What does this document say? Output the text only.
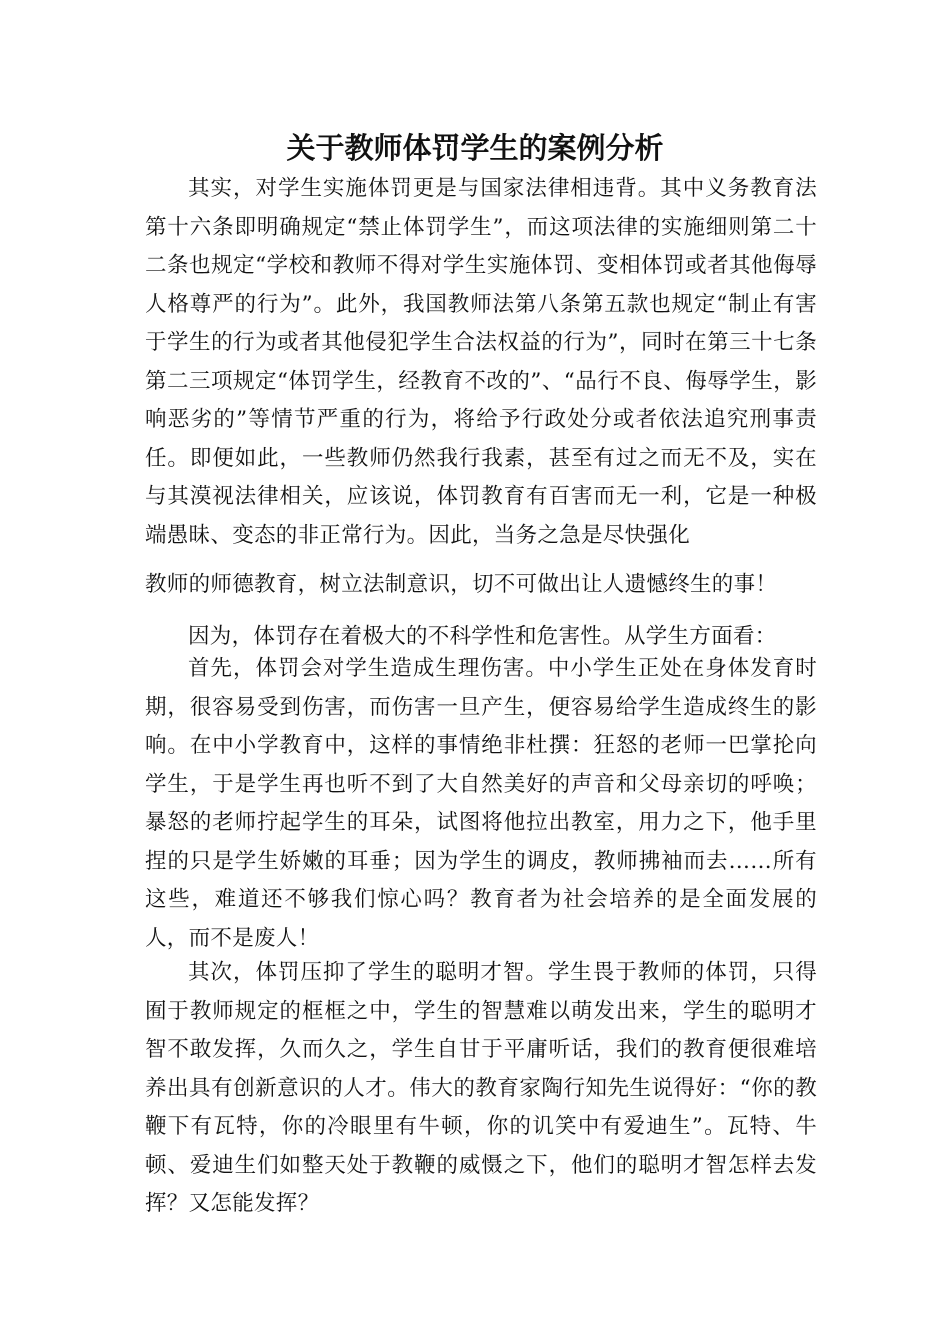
关于教师体罚学生的案例分析

其实，对学生实施体罚更是与国家法律相违背。其中义务教育法第十六条即明确规定“禁止体罚学生”，而这项法律的实施细则第二十二条也规定“学校和教师不得对学生实施体罚、变相体罚或者其他侮辱人格尊严的行为”。此外，我国教师法第八条第五款也规定“制止有害于学生的行为或者其他侵犯学生合法权益的行为”，同时在第三十七条第二三项规定“体罚学生，经教育不改的”、“品行不良、侮辱学生，影响恶劣的”等情节严重的行为，将给予行政处分或者依法追究刑事责任。即便如此，一些教师仍然我行我素，甚至有过之而无不及，实在与其漠视法律相关，应该说，体罚教育有百害而无一利，它是一种极端愚昧、变态的非正常行为。因此，当务之急是尽快强化

教师的师德教育，树立法制意识，切不可做出让人遗憾终生的事！

因为，体罚存在着极大的不科学性和危害性。从学生方面看：

首先，体罚会对学生造成生理伤害。中小学生正处在身体发育时期，很容易受到伤害，而伤害一旦产生，便容易给学生造成终生的影响。在中小学教育中，这样的事情绝非杜撰：狂怒的老师一巴掌抡向学生，于是学生再也听不到了大自然美好的声音和父母亲切的呼唤；暴怒的老师拧起学生的耳朵，试图将他拉出教室，用力之下，他手里捏的只是学生娇嫩的耳垂；因为学生的调皮，教师拂袖而去……所有这些，难道还不够我们惊心吗？教育者为社会培养的是全面发展的人，而不是废人！

其次，体罚压抑了学生的聪明才智。学生畏于教师的体罚，只得囿于教师规定的框框之中，学生的智慧难以萌发出来，学生的聪明才智不敢发挥，久而久之，学生自甘于平庸听话，我们的教育便很难培养出具有创新意识的人才。伟大的教育家陶行知先生说得好：“你的教鞭下有瓦特，你的冷眼里有牛顿，你的讥笑中有爱迪生”。瓦特、牛顿、爱迪生们如整天处于教鞭的威慑之下，他们的聪明才智怎样去发挥？又怎能发挥？
